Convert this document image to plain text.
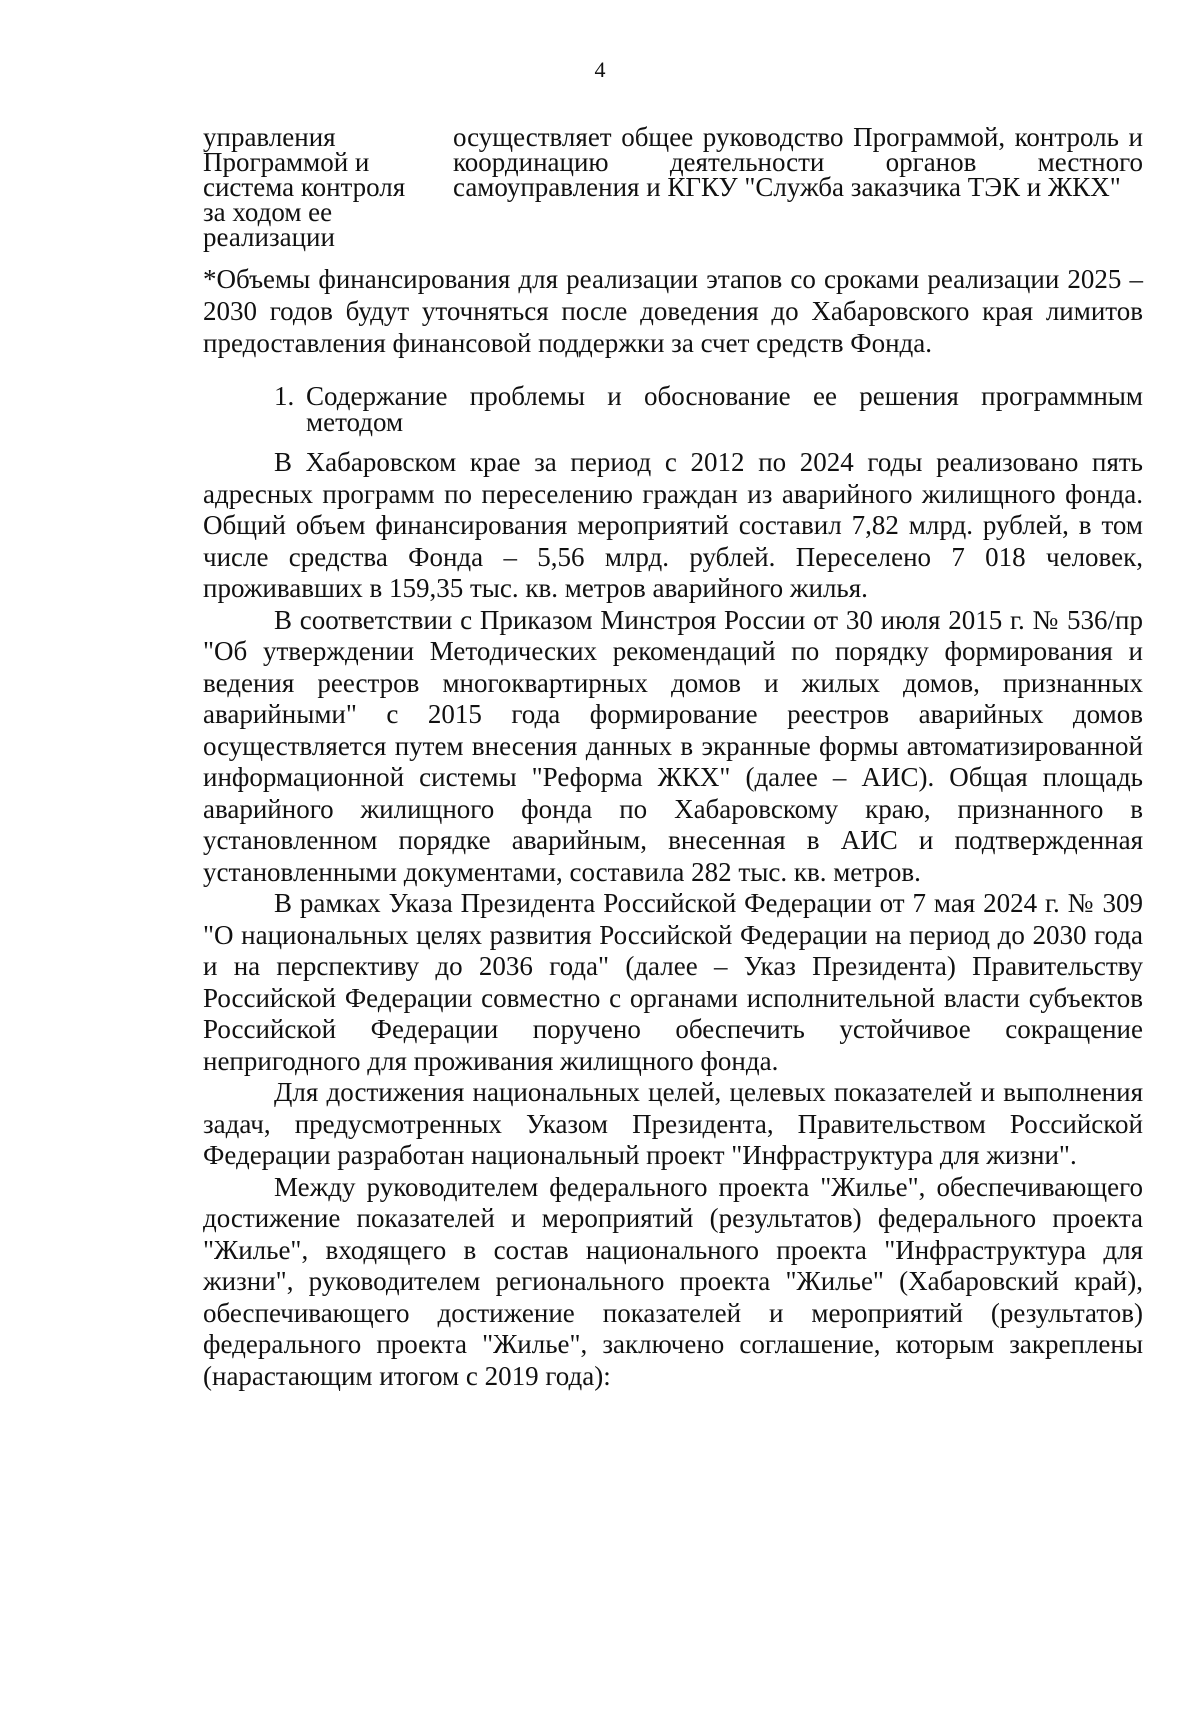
4
управления
Программой и
система контроля
за ходом ее
реализации
осуществляет общее руководство Программой, контроль и координацию деятельности органов местного самоуправления и КГКУ "Служба заказчика ТЭК и ЖКХ"
*Объемы финансирования для реализации этапов со сроками реализации 2025 – 2030 годов будут уточняться после доведения до Хабаровского края лимитов предоставления финансовой поддержки за счет средств Фонда.
1. Содержание проблемы и обоснование ее решения программным методом

В Хабаровском крае за период с 2012 по 2024 годы реализовано пять адресных программ по переселению граждан из аварийного жилищного фонда. Общий объем финансирования мероприятий составил 7,82 млрд. рублей, в том числе средства Фонда – 5,56 млрд. рублей. Переселено 7 018 человек, проживавших в 159,35 тыс. кв. метров аварийного жилья.

В соответствии с Приказом Минстроя России от 30 июля 2015 г. № 536/пр "Об утверждении Методических рекомендаций по порядку формирования и ведения реестров многоквартирных домов и жилых домов, признанных аварийными" с 2015 года формирование реестров аварийных домов осуществляется путем внесения данных в экранные формы автоматизированной информационной системы "Реформа ЖКХ" (далее – АИС). Общая площадь аварийного жилищного фонда по Хабаровскому краю, признанного в установленном порядке аварийным, внесенная в АИС и подтвержденная установленными документами, составила 282 тыс. кв. метров.

В рамках Указа Президента Российской Федерации от 7 мая 2024 г. № 309 "О национальных целях развития Российской Федерации на период до 2030 года и на перспективу до 2036 года" (далее – Указ Президента) Правительству Российской Федерации совместно с органами исполнительной власти субъектов Российской Федерации поручено обеспечить устойчивое сокращение непригодного для проживания жилищного фонда.

Для достижения национальных целей, целевых показателей и выполнения задач, предусмотренных Указом Президента, Правительством Российской Федерации разработан национальный проект "Инфраструктура для жизни".

Между руководителем федерального проекта "Жилье", обеспечивающего достижение показателей и мероприятий (результатов) федерального проекта "Жилье", входящего в состав национального проекта "Инфраструктура для жизни", руководителем регионального проекта "Жилье" (Хабаровский край), обеспечивающего достижение показателей и мероприятий (результатов) федерального проекта "Жилье", заключено соглашение, которым закреплены (нарастающим итогом с 2019 года):
